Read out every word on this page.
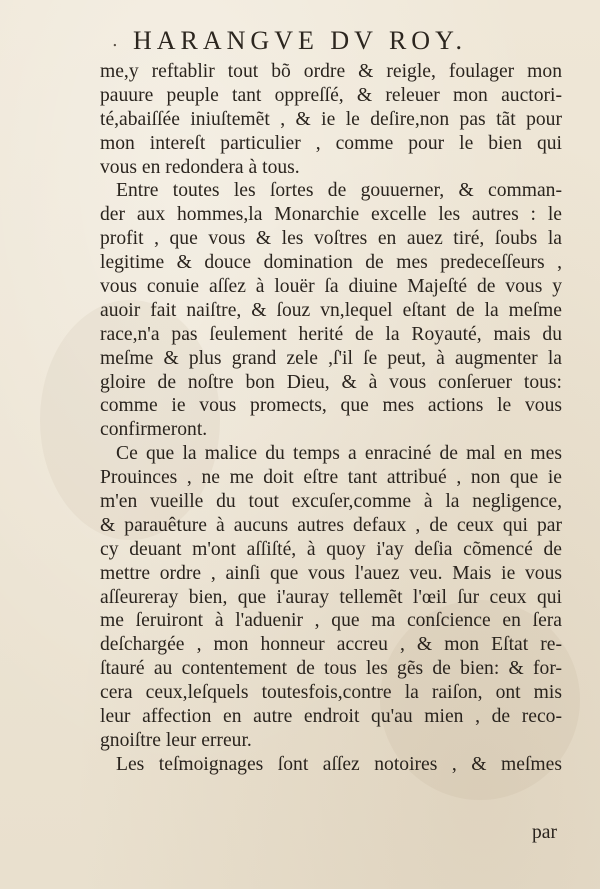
. HARANGVE DV ROY.
me,y reftablir tout bõ ordre & reigle, foulager mon
pauure peuple tant oppreſſé, & releuer mon auctori-
té,abaiſſée iniuſtemẽt , & ie le deſire,non pas tãt pour
mon intereſt particulier , comme pour le bien qui
vous en redondera à tous.
Entre toutes les ſortes de gouuerner, & comman-
der aux hommes,la Monarchie excelle les autres : le
profit , que vous & les voſtres en auez tiré, ſoubs la
legitime & douce domination de mes predeceſſeurs ,
vous conuie aſſez à louër ſa diuine Majeſté de vous y
auoir fait naiſtre, & ſouz vn,lequel eſtant de la meſme
race,n'a pas ſeulement herité de la Royauté, mais du
meſme & plus grand zele ,ſ'il ſe peut, à augmenter la
gloire de noſtre bon Dieu, & à vous conſeruer tous:
comme ie vous promects, que mes actions le vous
confirmeront.
Ce que la malice du temps a enraciné de mal en mes
Prouinces , ne me doit eſtre tant attribué , non que ie
m'en vueille du tout excuſer,comme à la negligence,
& parauêture à aucuns autres defaux , de ceux qui par
cy deuant m'ont aſſiſté, à quoy i'ay deſia cõmencé de
mettre ordre , ainſi que vous l'auez veu. Mais ie vous
aſſeureray bien, que i'auray tellemẽt l'œil ſur ceux qui
me ſeruiront à l'aduenir , que ma conſcience en ſera
deſchargée , mon honneur accreu , & mon Eſtat re-
ſtauré au contentement de tous les gẽs de bien: & for-
cera ceux,leſquels toutesfois,contre la raiſon, ont mis
leur affection en autre endroit qu'au mien , de reco-
gnoiſtre leur erreur.
Les teſmoignages ſont aſſez notoires , & meſmes
par
